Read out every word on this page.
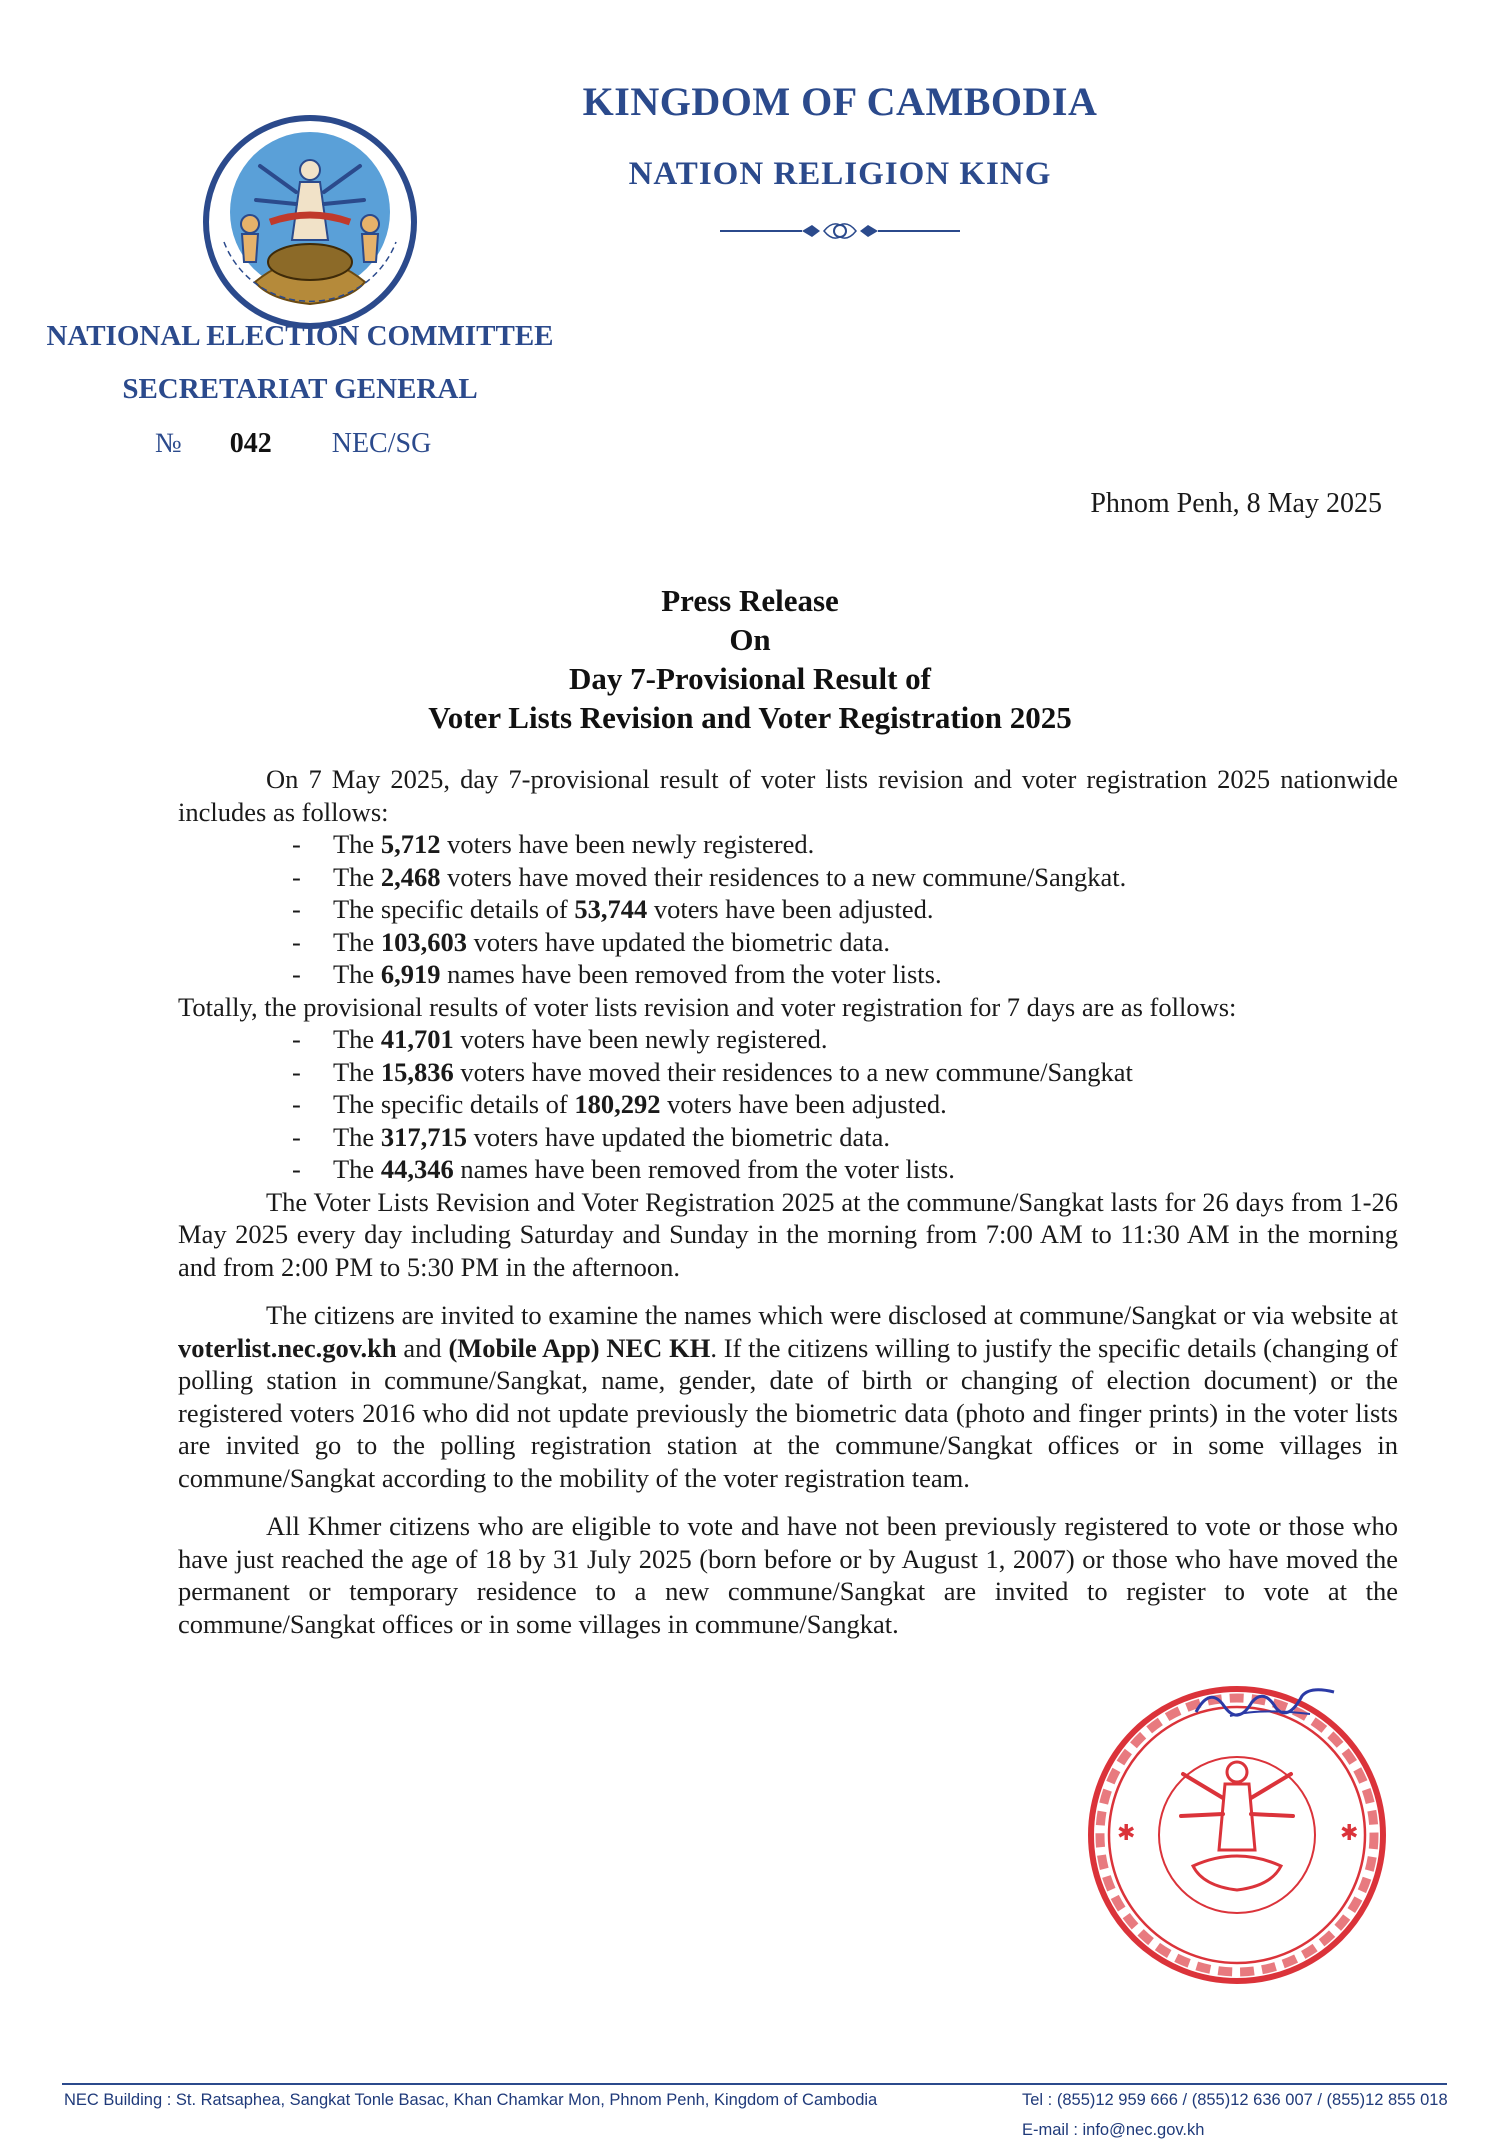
KINGDOM OF CAMBODIA
NATION RELIGION KING
NATIONAL ELECTION COMMITTEE
SECRETARIAT GENERAL
№ 042 NEC/SG
Phnom Penh, 8 May 2025
Press Release
On
Day 7-Provisional Result of
Voter Lists Revision and Voter Registration 2025

On 7 May 2025, day 7-provisional result of voter lists revision and voter registration 2025 nationwide includes as follows:

- The 5,712 voters have been newly registered.
- The 2,468 voters have moved their residences to a new commune/Sangkat.
- The specific details of 53,744 voters have been adjusted.
- The 103,603 voters have updated the biometric data.
- The 6,919 names have been removed from the voter lists.

Totally, the provisional results of voter lists revision and voter registration for 7 days are as follows:

- The 41,701 voters have been newly registered.
- The 15,836 voters have moved their residences to a new commune/Sangkat
- The specific details of 180,292 voters have been adjusted.
- The 317,715 voters have updated the biometric data.
- The 44,346 names have been removed from the voter lists.

The Voter Lists Revision and Voter Registration 2025 at the commune/Sangkat lasts for 26 days from 1-26 May 2025 every day including Saturday and Sunday in the morning from 7:00 AM to 11:30 AM in the morning and from 2:00 PM to 5:30 PM in the afternoon.

The citizens are invited to examine the names which were disclosed at commune/Sangkat or via website at voterlist.nec.gov.kh and (Mobile App) NEC KH. If the citizens willing to justify the specific details (changing of polling station in commune/Sangkat, name, gender, date of birth or changing of election document) or the registered voters 2016 who did not update previously the biometric data (photo and finger prints) in the voter lists are invited go to the polling registration station at the commune/Sangkat offices or in some villages in commune/Sangkat according to the mobility of the voter registration team.

All Khmer citizens who are eligible to vote and have not been previously registered to vote or those who have just reached the age of 18 by 31 July 2025 (born before or by August 1, 2007) or those who have moved the permanent or temporary residence to a new commune/Sangkat are invited to register to vote at the commune/Sangkat offices or in some villages in commune/Sangkat.

✱	✱
NEC Building : St. Ratsaphea, Sangkat Tonle Basac, Khan Chamkar Mon, Phnom Penh, Kingdom of Cambodia	Tel : (855)12 959 666 / (855)12 636 007 / (855)12 855 018
E-mail : info@nec.gov.kh
